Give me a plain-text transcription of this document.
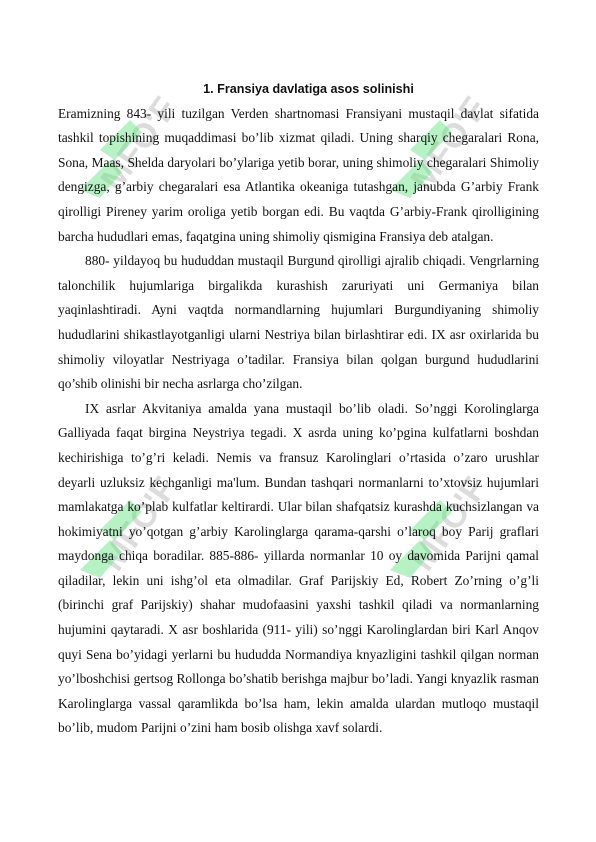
MFO'F	MFO'F
MFO'F	MFO'F
1. Fransiya davlatiga asos solinishi

Eramizning 843- yili tuzilgan Verden shartnomasi Fransiyani mustaqil davlat sifatida tashkil topishining muqaddimasi bo’lib xizmat qiladi. Uning sharqiy chegaralari Rona, Sona, Maas, Shelda daryolari bo’ylariga yetib borar, uning shimoliy chegaralari Shimoliy dengizga, g’arbiy chegaralari esa Atlantika okeaniga tutashgan, janubda G’arbiy Frank qirolligi Pireney yarim oroliga yetib borgan edi. Bu vaqtda G’arbiy-Frank qirolligining barcha hududlari emas, faqatgina uning shimoliy qismigina Fransiya deb atalgan.

880- yildayoq bu hududdan mustaqil Burgund qirolligi ajralib chiqadi. Vengrlarning talonchilik hujumlariga birgalikda kurashish zaruriyati uni Germaniya bilan yaqinlashtiradi. Ayni vaqtda normandlarning hujumlari Burgundiyaning shimoliy hududlarini shikastlayotganligi ularni Nestriya bilan birlashtirar edi. IX asr oxirlarida bu shimoliy viloyatlar Nestriyaga o’tadilar. Fransiya bilan qolgan burgund hududlarini qo’shib olinishi bir necha asrlarga cho’zilgan.

IX asrlar Akvitaniya amalda yana mustaqil bo’lib oladi. So’nggi Korolinglarga Galliyada faqat birgina Neystriya tegadi. X asrda uning ko’pgina kulfatlarni boshdan kechirishiga to’g’ri keladi. Nemis va fransuz Karolinglari o’rtasida o’zaro urushlar deyarli uzluksiz kechganligi ma'lum. Bundan tashqari normanlarni to’xtovsiz hujumlari mamlakatga ko’plab kulfatlar keltirardi. Ular bilan shafqatsiz kurashda kuchsizlangan va hokimiyatni yo’qotgan g’arbiy Karolinglarga qarama-qarshi o’laroq boy Parij graflari maydonga chiqa boradilar. 885-886- yillarda normanlar 10 oy davomida Parijni qamal qiladilar, lekin uni ishg’ol eta olmadilar. Graf Parijskiy Ed, Robert Zo’rning o’g’li (birinchi graf Parijskiy) shahar mudofaasini yaxshi tashkil qiladi va normanlarning hujumini qaytaradi. X asr boshlarida (911- yili) so’nggi Karolinglardan biri Karl Anqov quyi Sena bo’yidagi yerlarni bu hududda Normandiya knyazligini tashkil qilgan norman yo’lboshchisi gertsog Rollonga bo’shatib berishga majbur bo’ladi. Yangi knyazlik rasman Karolinglarga vassal qaramlikda bo’lsa ham, lekin amalda ulardan mutloqo mustaqil bo’lib, mudom Parijni o’zini ham bosib olishga xavf solardi.
